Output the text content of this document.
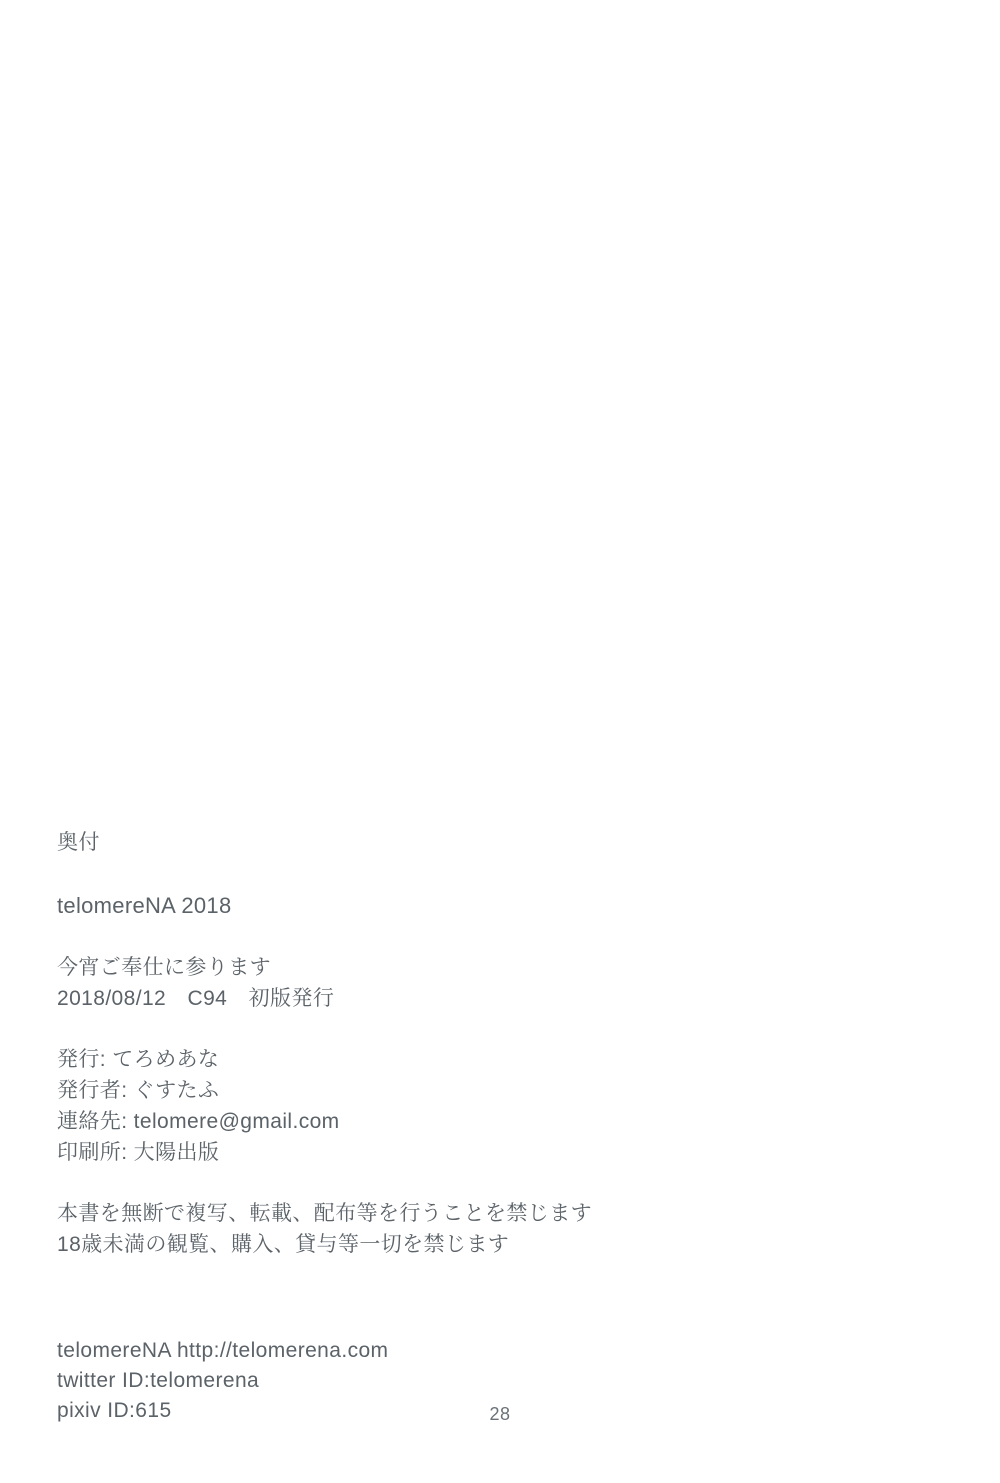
奥付
telomereNA 2018
今宵ご奉仕に参ります
2018/08/12　C94　初版発行
発行: てろめあな
発行者: ぐすたふ
連絡先: telomere@gmail.com
印刷所: 大陽出版
本書を無断で複写、転載、配布等を行うことを禁じます
18歳未満の観覧、購入、貸与等一切を禁じます
telomereNA http://telomerena.com
twitter ID:telomerena
pixiv ID:615	28
